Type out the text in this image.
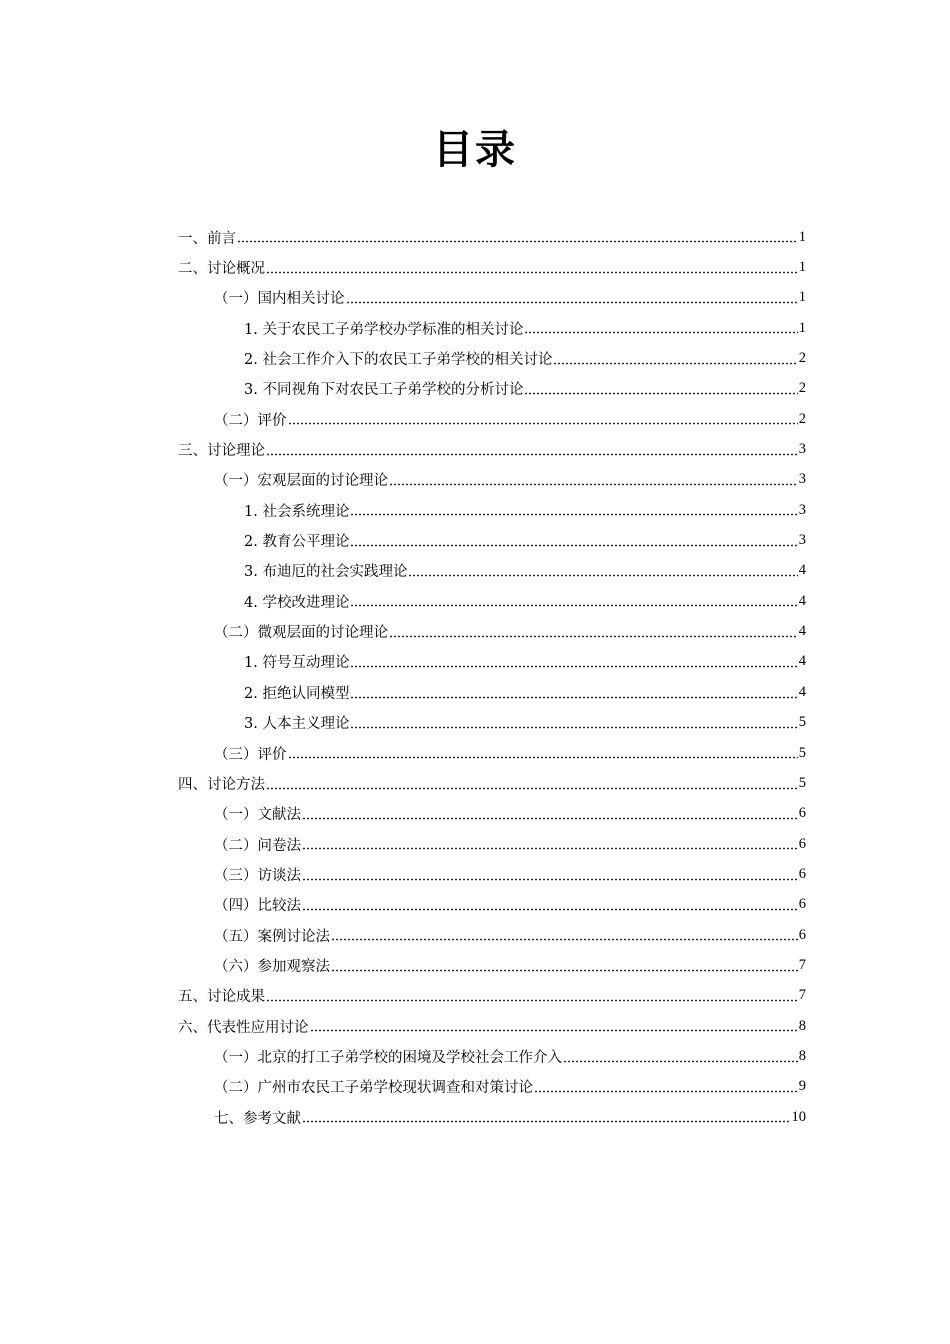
目录
一、前言	1
二、讨论概况	1
（一）国内相关讨论	1
1. 关于农民工子弟学校办学标准的相关讨论	1
2. 社会工作介入下的农民工子弟学校的相关讨论	2
3. 不同视角下对农民工子弟学校的分析讨论	2
（二）评价	2
三、讨论理论	3
（一）宏观层面的讨论理论	3
1. 社会系统理论	3
2. 教育公平理论	3
3. 布迪厄的社会实践理论	4
4. 学校改进理论	4
（二）微观层面的讨论理论	4
1. 符号互动理论	4
2. 拒绝认同模型	4
3. 人本主义理论	5
（三）评价	5
四、讨论方法	5
（一）文献法	6
（二）问卷法	6
（三）访谈法	6
（四）比较法	6
（五）案例讨论法	6
（六）参加观察法	7
五、讨论成果	7
六、代表性应用讨论	8
（一）北京的打工子弟学校的困境及学校社会工作介入	8
（二）广州市农民工子弟学校现状调查和对策讨论	9
七、参考文献	10
